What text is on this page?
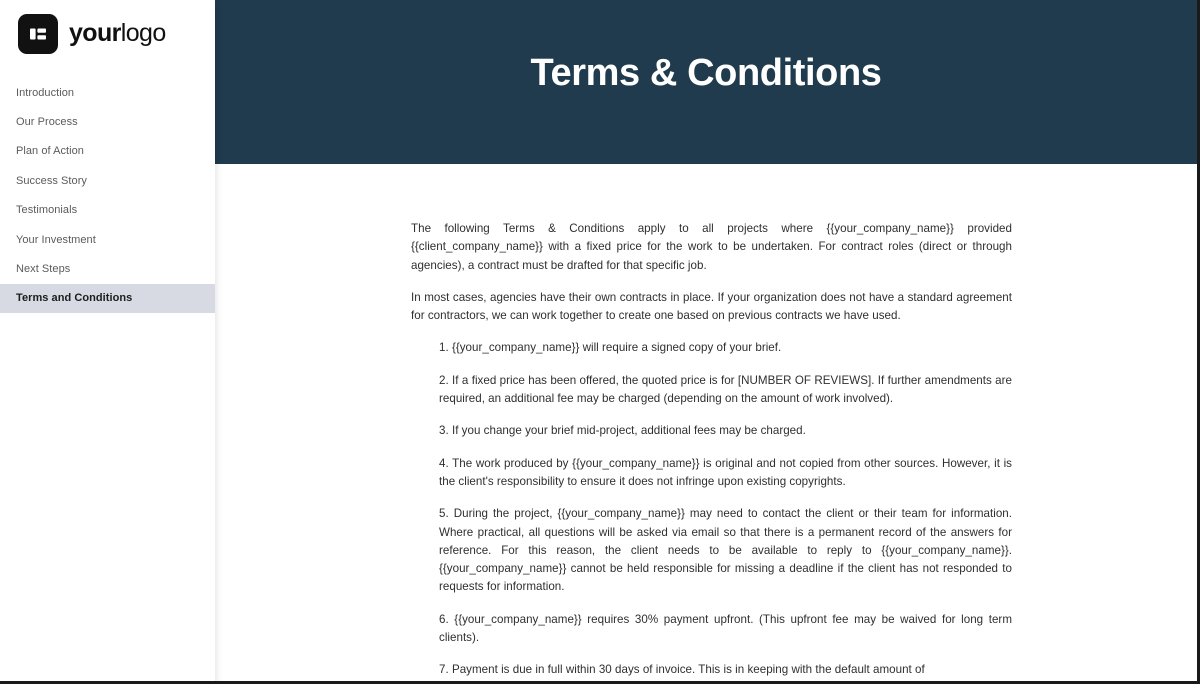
yourlogo
Introduction
Our Process
Plan of Action
Success Story
Testimonials
Your Investment
Next Steps
Terms and Conditions
Terms & Conditions

The following Terms & Conditions apply to all projects where {{your_company_name}} provided {{client_company_name}} with a fixed price for the work to be undertaken. For contract roles (direct or through agencies), a contract must be drafted for that specific job.

In most cases, agencies have their own contracts in place. If your organization does not have a standard agreement for contractors, we can work together to create one based on previous contracts we have used.

1. {{your_company_name}} will require a signed copy of your brief.

2. If a fixed price has been offered, the quoted price is for [NUMBER OF REVIEWS]. If further amendments are required, an additional fee may be charged (depending on the amount of work involved).

3. If you change your brief mid-project, additional fees may be charged.

4. The work produced by {{your_company_name}} is original and not copied from other sources. However, it is the client's responsibility to ensure it does not infringe upon existing copyrights.

5. During the project, {{your_company_name}} may need to contact the client or their team for information. Where practical, all questions will be asked via email so that there is a permanent record of the answers for reference. For this reason, the client needs to be available to reply to {{your_company_name}}. {{your_company_name}} cannot be held responsible for missing a deadline if the client has not responded to requests for information.

6. {{your_company_name}} requires 30% payment upfront. (This upfront fee may be waived for long term clients).

7. Payment is due in full within 30 days of invoice. This is in keeping with the default amount of
